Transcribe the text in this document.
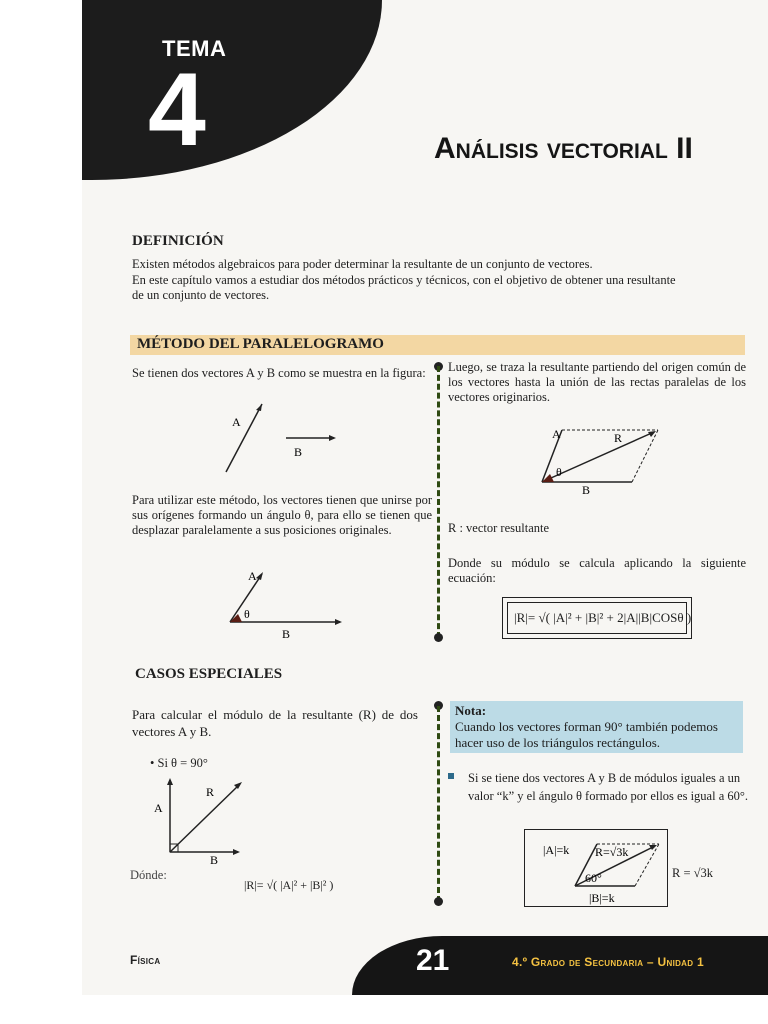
TEMA
4	Análisis vectorial II
DEFINICIÓN
Existen métodos algebraicos para poder determinar la resultante de un conjunto de vectores.
En este capítulo vamos a estudiar dos métodos prácticos y técnicos, con el objetivo de obtener una resultante
de un conjunto de vectores.
MÉTODO DEL PARALELOGRAMO
Se tienen dos vectores A y B como se muestra en la figura:
A
B
Para utilizar este método, los vectores tienen que unirse por sus orígenes formando un ángulo θ, para ello se tienen que desplazar paralelamente a sus posiciones originales.
A
θ
B
Luego, se traza la resultante partiendo del origen común de los vectores hasta la unión de las rectas paralelas de los vectores originarios.
A	R
θ
B
R : vector resultante
Donde su módulo se calcula aplicando la siguiente ecuación:
|R|= √( |A|² + |B|² + 2|A||B|COSθ )
CASOS ESPECIALES
Para calcular el módulo de la resultante (R) de dos vectores A y B.
• Si θ = 90°
A
R
B
Dónde:
|R|= √( |A|² + |B|² )
Nota:
Cuando los vectores forman 90° también podemos hacer uso de los triángulos rectángulos.
Si se tiene dos vectores A y B de módulos iguales a un valor “k” y el ángulo θ formado por ellos es igual a 60°.
|A|=k R=√3k
60°
|B|=k
R = √3k
Física	21	4.º Grado de Secundaria – Unidad 1
